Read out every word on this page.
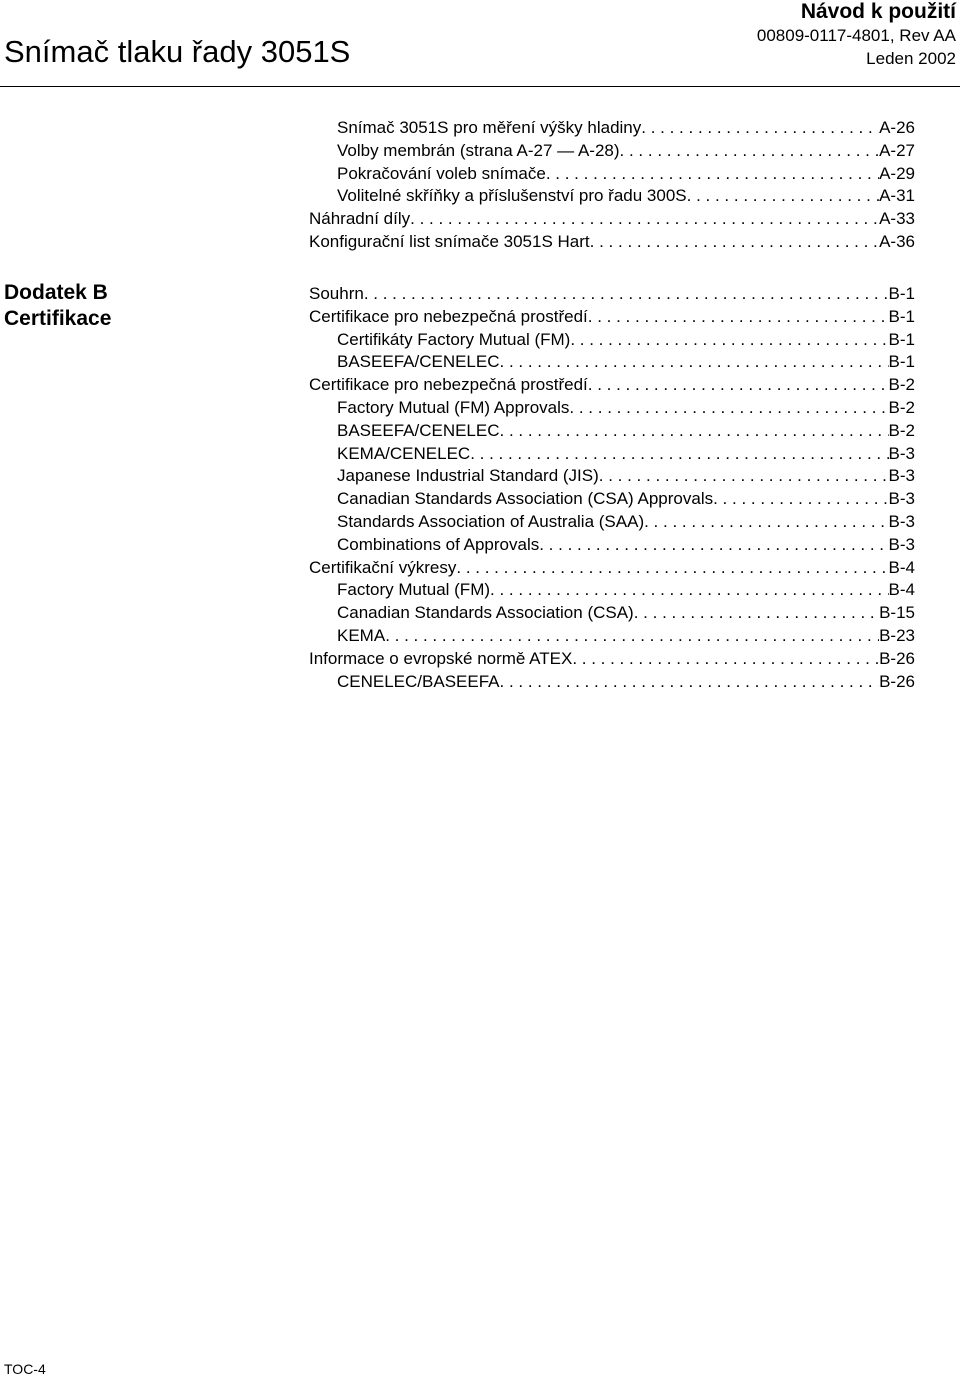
Snímač tlaku řady 3051S
Návod k použití
00809-0117-4801, Rev AA
Leden 2002
Snímač 3051S pro měření výšky hladiny . . .	A-26
Volby membrán (strana A-27 — A-28) . . .	A-27
Pokračování voleb snímače . . .	A-29
Volitelné skříňky a příslušenství pro řadu 300S . . .	A-31
Náhradní díly . . .	A-33
Konfigurační list snímače 3051S Hart . . .	A-36
Dodatek B
Certifikace
Souhrn . . .	B-1
Certifikace pro nebezpečná prostředí . . .	B-1
Certifikáty Factory Mutual (FM) . . .	B-1
BASEEFA/CENELEC . . .	B-1
Certifikace pro nebezpečná prostředí . . .	B-2
Factory Mutual (FM) Approvals . . .	B-2
BASEEFA/CENELEC . . .	B-2
KEMA/CENELEC . . .	B-3
Japanese Industrial Standard (JIS) . . .	B-3
Canadian Standards Association (CSA) Approvals . . .	B-3
Standards Association of Australia (SAA) . . .	B-3
Combinations of Approvals . . .	B-3
Certifikační výkresy . . .	B-4
Factory Mutual (FM) . . .	B-4
Canadian Standards Association (CSA) . . .	B-15
KEMA . . .	B-23
Informace o evropské normě ATEX . . .	B-26
CENELEC/BASEEFA . . .	B-26
TOC-4
